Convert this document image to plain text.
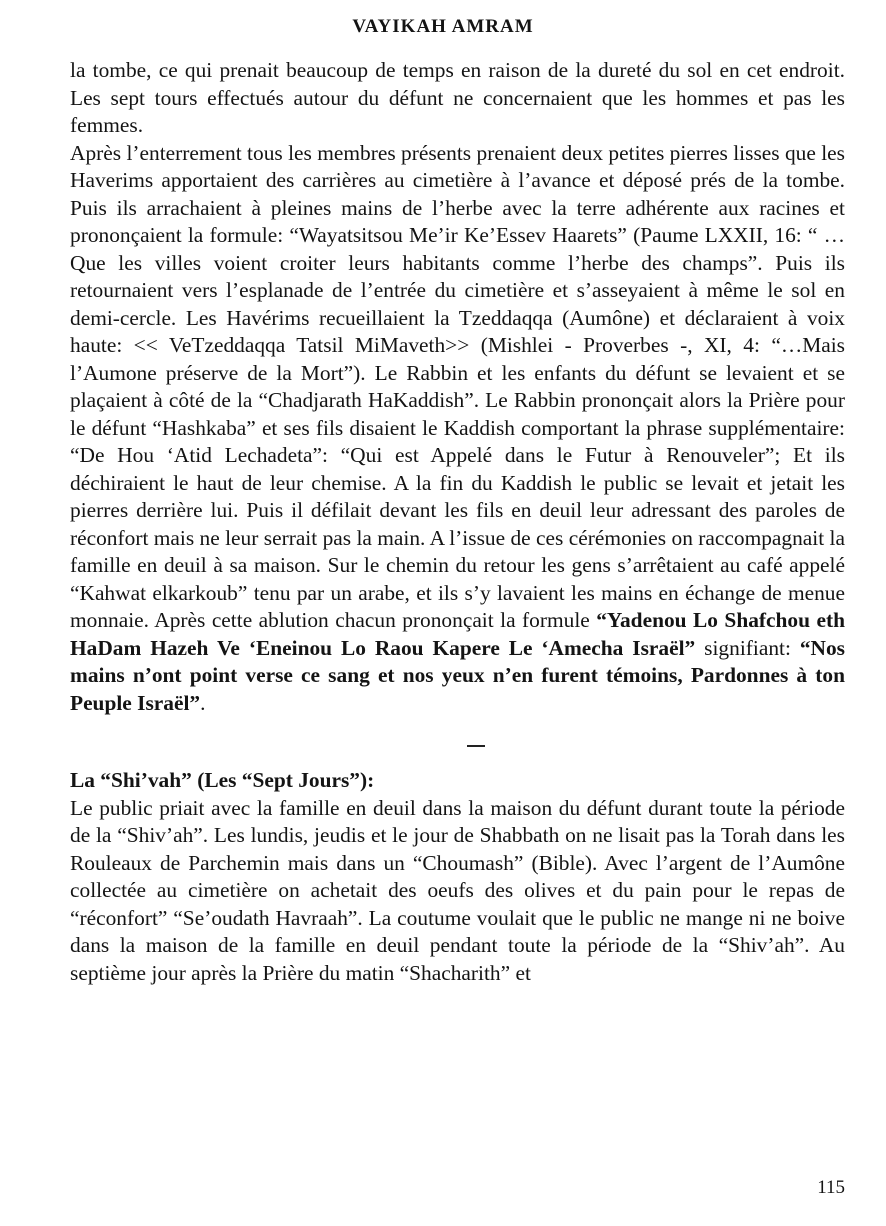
VAYIKAH AMRAM

la tombe, ce qui prenait beaucoup de temps en raison de la dureté du sol en cet endroit. Les sept tours effectués autour du défunt ne concernaient que les hommes et pas les femmes.

Après l’enterrement tous les membres présents prenaient deux petites pierres lisses que les Haverims apportaient des carrières au cimetière à l’avance et déposé prés de la tombe. Puis ils arrachaient à pleines mains de l’herbe avec la terre adhérente aux racines et prononçaient la formule: “Wayatsitsou Me’ir Ke’Essev Haarets” (Paume LXXII, 16: “ …Que les villes voient croiter leurs habitants comme l’herbe des champs”. Puis ils retournaient vers l’esplanade de l’entrée du cimetière et s’asseyaient à même le sol en demi-cercle. Les Havérims recueillaient la Tzeddaqqa (Aumône) et déclaraient à voix haute: << VeTzeddaqqa Tatsil MiMaveth>> (Mishlei - Proverbes -, XI, 4: “…Mais l’Aumone préserve de la Mort”). Le Rabbin et les enfants du défunt se levaient et se plaçaient à côté de la “Chadjarath HaKaddish”. Le Rabbin prononçait alors la Prière pour le défunt “Hashkaba” et ses fils disaient le Kaddish comportant la phrase supplémentaire: “De Hou ‘Atid Lechadeta”: “Qui est Appelé dans le Futur à Renouveler”; Et ils déchiraient le haut de leur chemise. A la fin du Kaddish le public se levait et jetait les pierres derrière lui. Puis il défilait devant les fils en deuil leur adressant des paroles de réconfort mais ne leur serrait pas la main. A l’issue de ces cérémonies on raccompagnait la famille en deuil à sa maison. Sur le chemin du retour les gens s’arrêtaient au café appelé “Kahwat elkarkoub” tenu par un arabe, et ils s’y lavaient les mains en échange de menue monnaie. Après cette ablution chacun prononçait la formule “Yadenou Lo Shafchou eth HaDam Hazeh Ve ‘Eneinou Lo Raou Kapere Le ‘Amecha Israël” signifiant: “Nos mains n’ont point verse ce sang et nos yeux n’en furent témoins, Pardonnes à ton Peuple Israël”.

La “Shi’vah” (Les “Sept Jours”):

Le public priait avec la famille en deuil dans la maison du défunt durant toute la période de la “Shiv’ah”. Les lundis, jeudis et le jour de Shabbath on ne lisait pas la Torah dans les Rouleaux de Parchemin mais dans un “Choumash” (Bible). Avec l’argent de l’Aumône collectée au cimetière on achetait des oeufs des olives et du pain pour le repas de “réconfort” “Se’oudath Havraah”. La coutume voulait que le public ne mange ni ne boive dans la maison de la famille en deuil pendant toute la période de la “Shiv’ah”. Au septième jour après la Prière du matin “Shacharith” et

115
